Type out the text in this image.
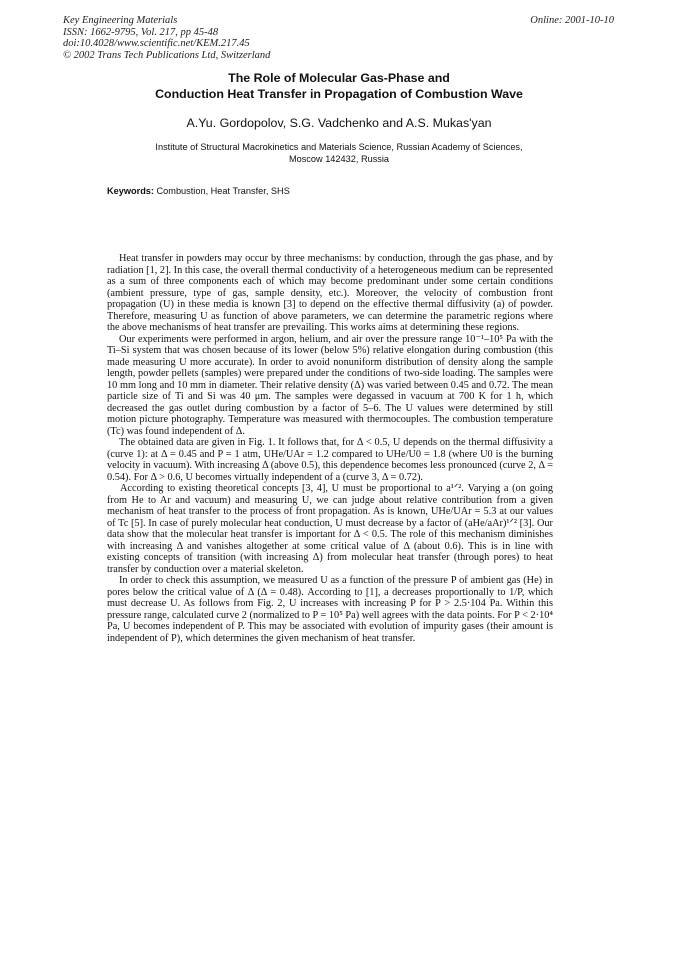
Key Engineering Materials
ISSN: 1662-9795, Vol. 217, pp 45-48
doi:10.4028/www.scientific.net/KEM.217.45
© 2002 Trans Tech Publications Ltd, Switzerland
Online: 2001-10-10
The Role of Molecular Gas-Phase and
Conduction Heat Transfer in Propagation of Combustion Wave
A.Yu. Gordopolov, S.G. Vadchenko and A.S. Mukas'yan
Institute of Structural Macrokinetics and Materials Science, Russian Academy of Sciences,
Moscow 142432, Russia
Keywords: Combustion, Heat Transfer, SHS

Heat transfer in powders may occur by three mechanisms: by conduction, through the gas phase, and by radiation [1, 2]. In this case, the overall thermal conductivity of a heterogeneous medium can be represented as a sum of three components each of which may become predominant under some certain conditions (ambient pressure, type of gas, sample density, etc.). Moreover, the velocity of combustion front propagation (U) in these media is known [3] to depend on the effective thermal diffusivity (a) of powder. Therefore, measuring U as function of above parameters, we can determine the parametric regions where the above mechanisms of heat transfer are prevailing. This works aims at determining these regions.

Our experiments were performed in argon, helium, and air over the pressure range 10⁻¹–10⁵ Pa with the Ti–Si system that was chosen because of its lower (below 5%) relative elongation during combustion (this made measuring U more accurate). In order to avoid nonuniform distribution of density along the sample length, powder pellets (samples) were prepared under the conditions of two-side loading. The samples were 10 mm long and 10 mm in diameter. Their relative density (Δ) was varied between 0.45 and 0.72. The mean particle size of Ti and Si was 40 μm. The samples were degassed in vacuum at 700 K for 1 h, which decreased the gas outlet during combustion by a factor of 5–6. The U values were determined by still motion picture photography. Temperature was measured with thermocouples. The combustion temperature (Tc) was found independent of Δ.

The obtained data are given in Fig. 1. It follows that, for Δ < 0.5, U depends on the thermal diffusivity a (curve 1): at Δ = 0.45 and P = 1 atm, UHe/UAr = 1.2 compared to UHe/U0 = 1.8 (where U0 is the burning velocity in vacuum). With increasing Δ (above 0.5), this dependence becomes less pronounced (curve 2, Δ = 0.54). For Δ > 0.6, U becomes virtually independent of a (curve 3, Δ = 0.72).

According to existing theoretical concepts [3, 4], U must be proportional to a¹ᐟ². Varying a (on going from He to Ar and vacuum) and measuring U, we can judge about relative contribution from a given mechanism of heat transfer to the process of front propagation. As is known, UHe/UAr = 5.3 at our values of Tc [5]. In case of purely molecular heat conduction, U must decrease by a factor of (aHe/aAr)¹ᐟ² [3]. Our data show that the molecular heat transfer is important for Δ < 0.5. The role of this mechanism diminishes with increasing Δ and vanishes altogether at some critical value of Δ (about 0.6). This is in line with existing concepts of transition (with increasing Δ) from molecular heat transfer (through pores) to heat transfer by conduction over a material skeleton.

In order to check this assumption, we measured U as a function of the pressure P of ambient gas (He) in pores below the critical value of Δ (Δ = 0.48). According to [1], a decreases proportionally to 1/P, which must decrease U. As follows from Fig. 2, U increases with increasing P for P > 2.5·104 Pa. Within this pressure range, calculated curve 2 (normalized to P = 10⁵ Pa) well agrees with the data points. For P < 2·10⁴ Pa, U becomes independent of P. This may be associated with evolution of impurity gases (their amount is independent of P), which determines the given mechanism of heat transfer.
